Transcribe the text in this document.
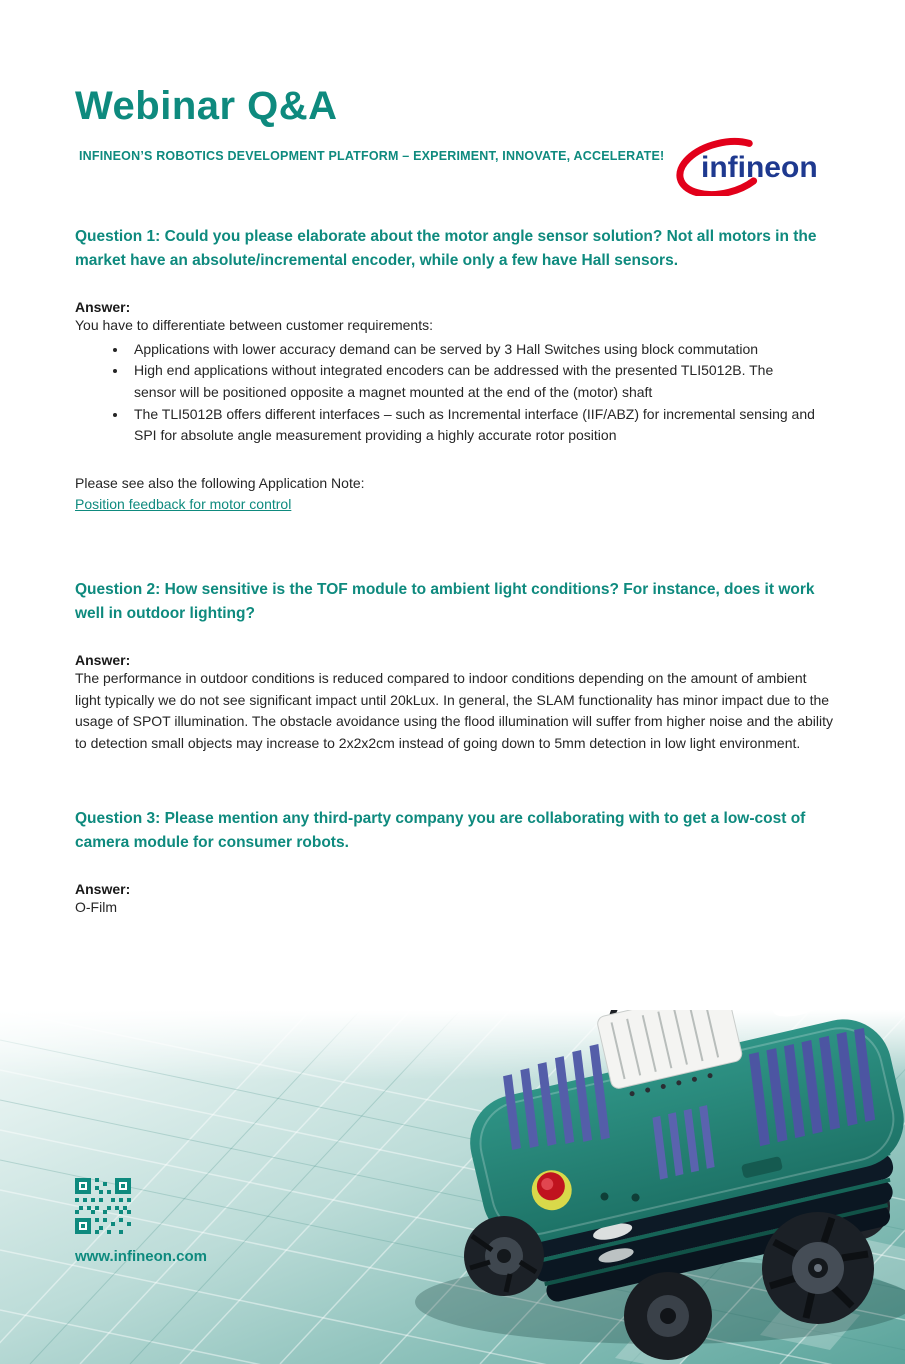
infineon
Webinar Q&A
INFINEON’S ROBOTICS DEVELOPMENT PLATFORM – EXPERIMENT, INNOVATE, ACCELERATE!
Question 1: Could you please elaborate about the motor angle sensor solution? Not all motors in the market have an absolute/incremental encoder, while only a few have Hall sensors.
Answer:
You have to differentiate between customer requirements:
• Applications with lower accuracy demand can be served by 3 Hall Switches using block commutation
• High end applications without integrated encoders can be addressed with the presented TLI5012B. The sensor will be positioned opposite a magnet mounted at the end of the (motor) shaft
• The TLI5012B offers different interfaces – such as Incremental interface (IIF/ABZ) for incremental sensing and SPI for absolute angle measurement providing a highly accurate rotor position
Please see also the following Application Note:
Position feedback for motor control
Question 2: How sensitive is the TOF module to ambient light conditions? For instance, does it work well in outdoor lighting?
Answer:
The performance in outdoor conditions is reduced compared to indoor conditions depending on the amount of ambient light typically we do not see significant impact until 20kLux. In general, the SLAM functionality has minor impact due to the usage of SPOT illumination. The obstacle avoidance using the flood illumination will suffer from higher noise and the ability to detection small objects may increase to 2x2x2cm instead of going down to 5mm detection in low light environment.
Question 3: Please mention any third-party company you are collaborating with to get a low-cost of camera module for consumer robots.
Answer:
O-Film
www.infineon.com
